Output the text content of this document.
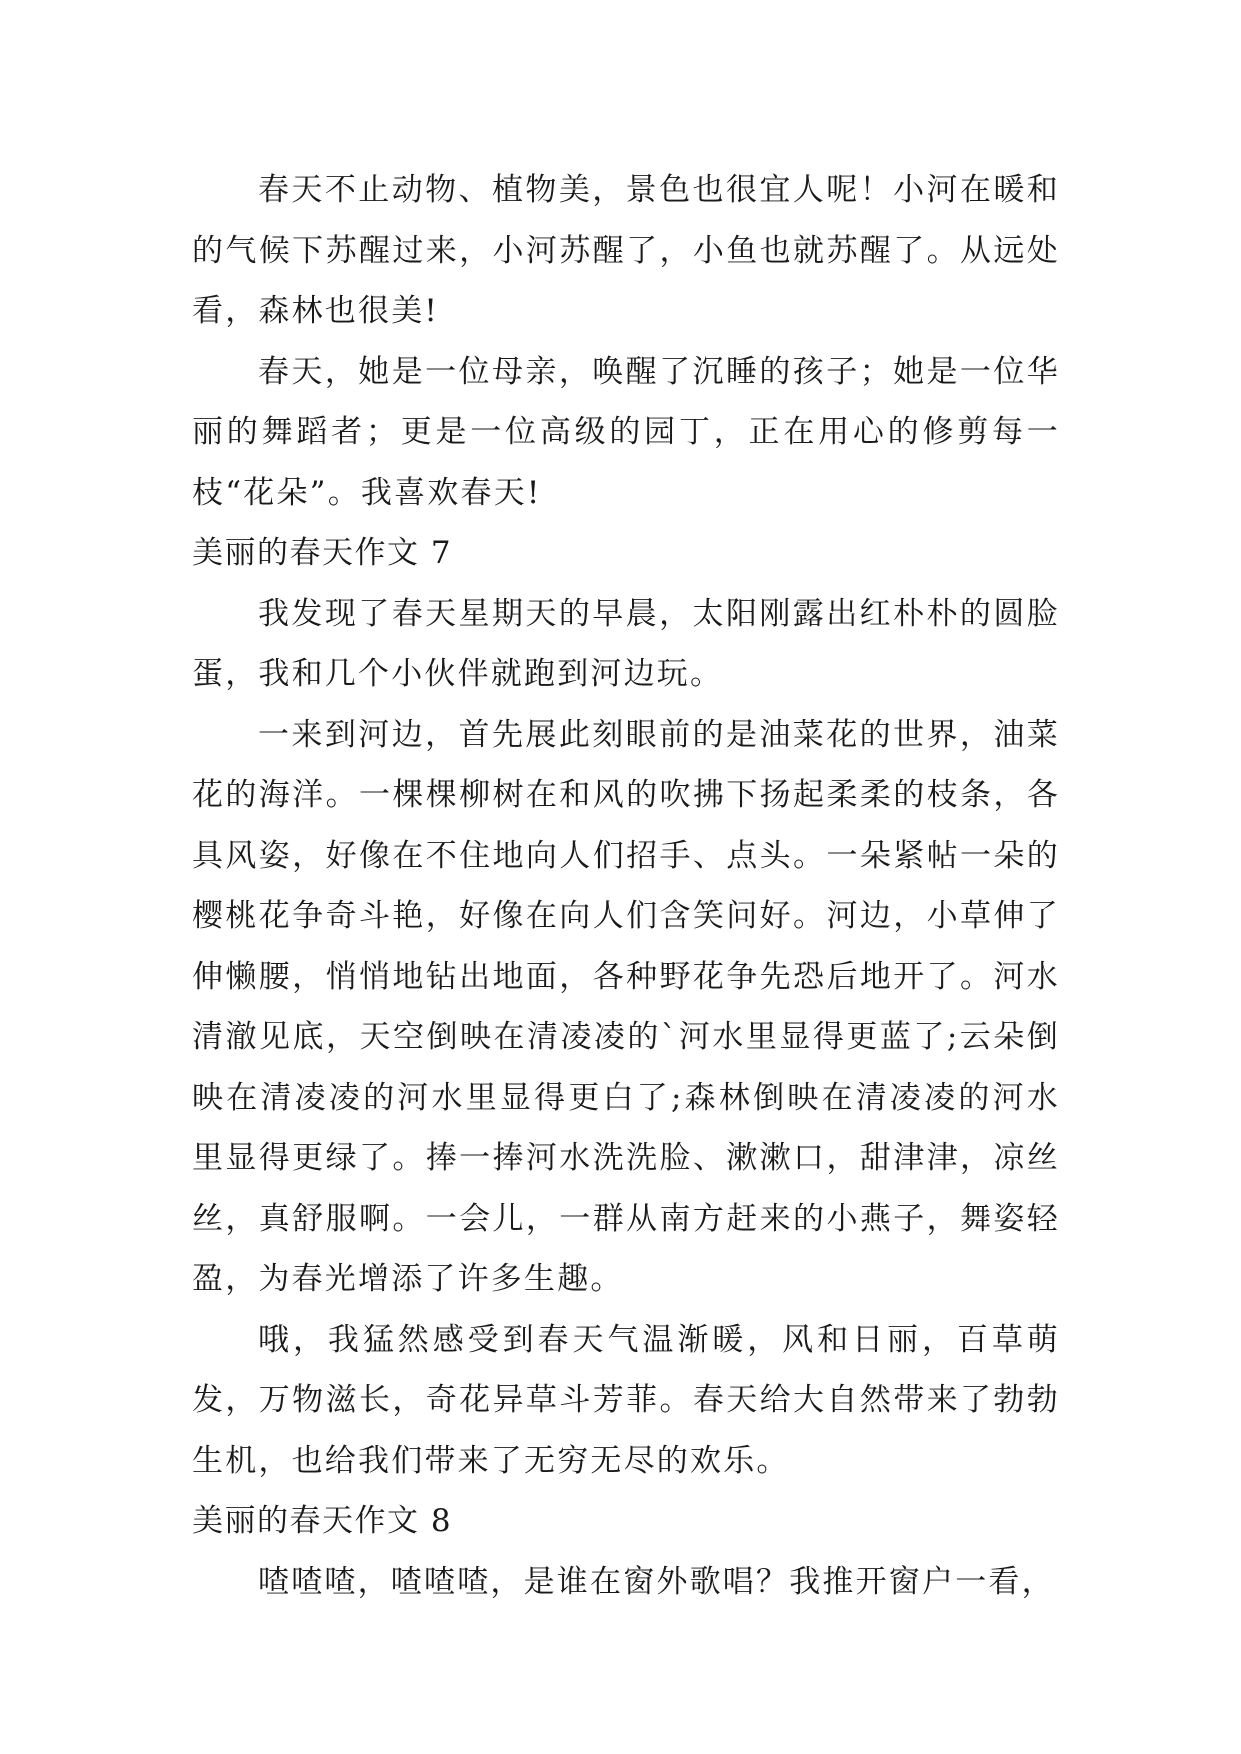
春天不止动物、植物美，景色也很宜人呢！小河在暖和的气候下苏醒过来，小河苏醒了，小鱼也就苏醒了。从远处看，森林也很美!

春天，她是一位母亲，唤醒了沉睡的孩子；她是一位华丽的舞蹈者；更是一位高级的园丁，正在用心的修剪每一枝“花朵”。我喜欢春天!

美丽的春天作文 7

我发现了春天星期天的早晨，太阳刚露出红朴朴的圆脸蛋，我和几个小伙伴就跑到河边玩。

一来到河边，首先展此刻眼前的是油菜花的世界，油菜花的海洋。一棵棵柳树在和风的吹拂下扬起柔柔的枝条，各具风姿，好像在不住地向人们招手、点头。一朵紧帖一朵的樱桃花争奇斗艳，好像在向人们含笑问好。河边，小草伸了伸懒腰，悄悄地钻出地面，各种野花争先恐后地开了。河水清澈见底，天空倒映在清凌凌的`河水里显得更蓝了;云朵倒映在清凌凌的河水里显得更白了;森林倒映在清凌凌的河水里显得更绿了。捧一捧河水洗洗脸、漱漱口，甜津津，凉丝丝，真舒服啊。一会儿，一群从南方赶来的小燕子，舞姿轻盈，为春光增添了许多生趣。

哦，我猛然感受到春天气温渐暖，风和日丽，百草萌发，万物滋长，奇花异草斗芳菲。春天给大自然带来了勃勃生机，也给我们带来了无穷无尽的欢乐。

美丽的春天作文 8

喳喳喳，喳喳喳，是谁在窗外歌唱？我推开窗户一看，
